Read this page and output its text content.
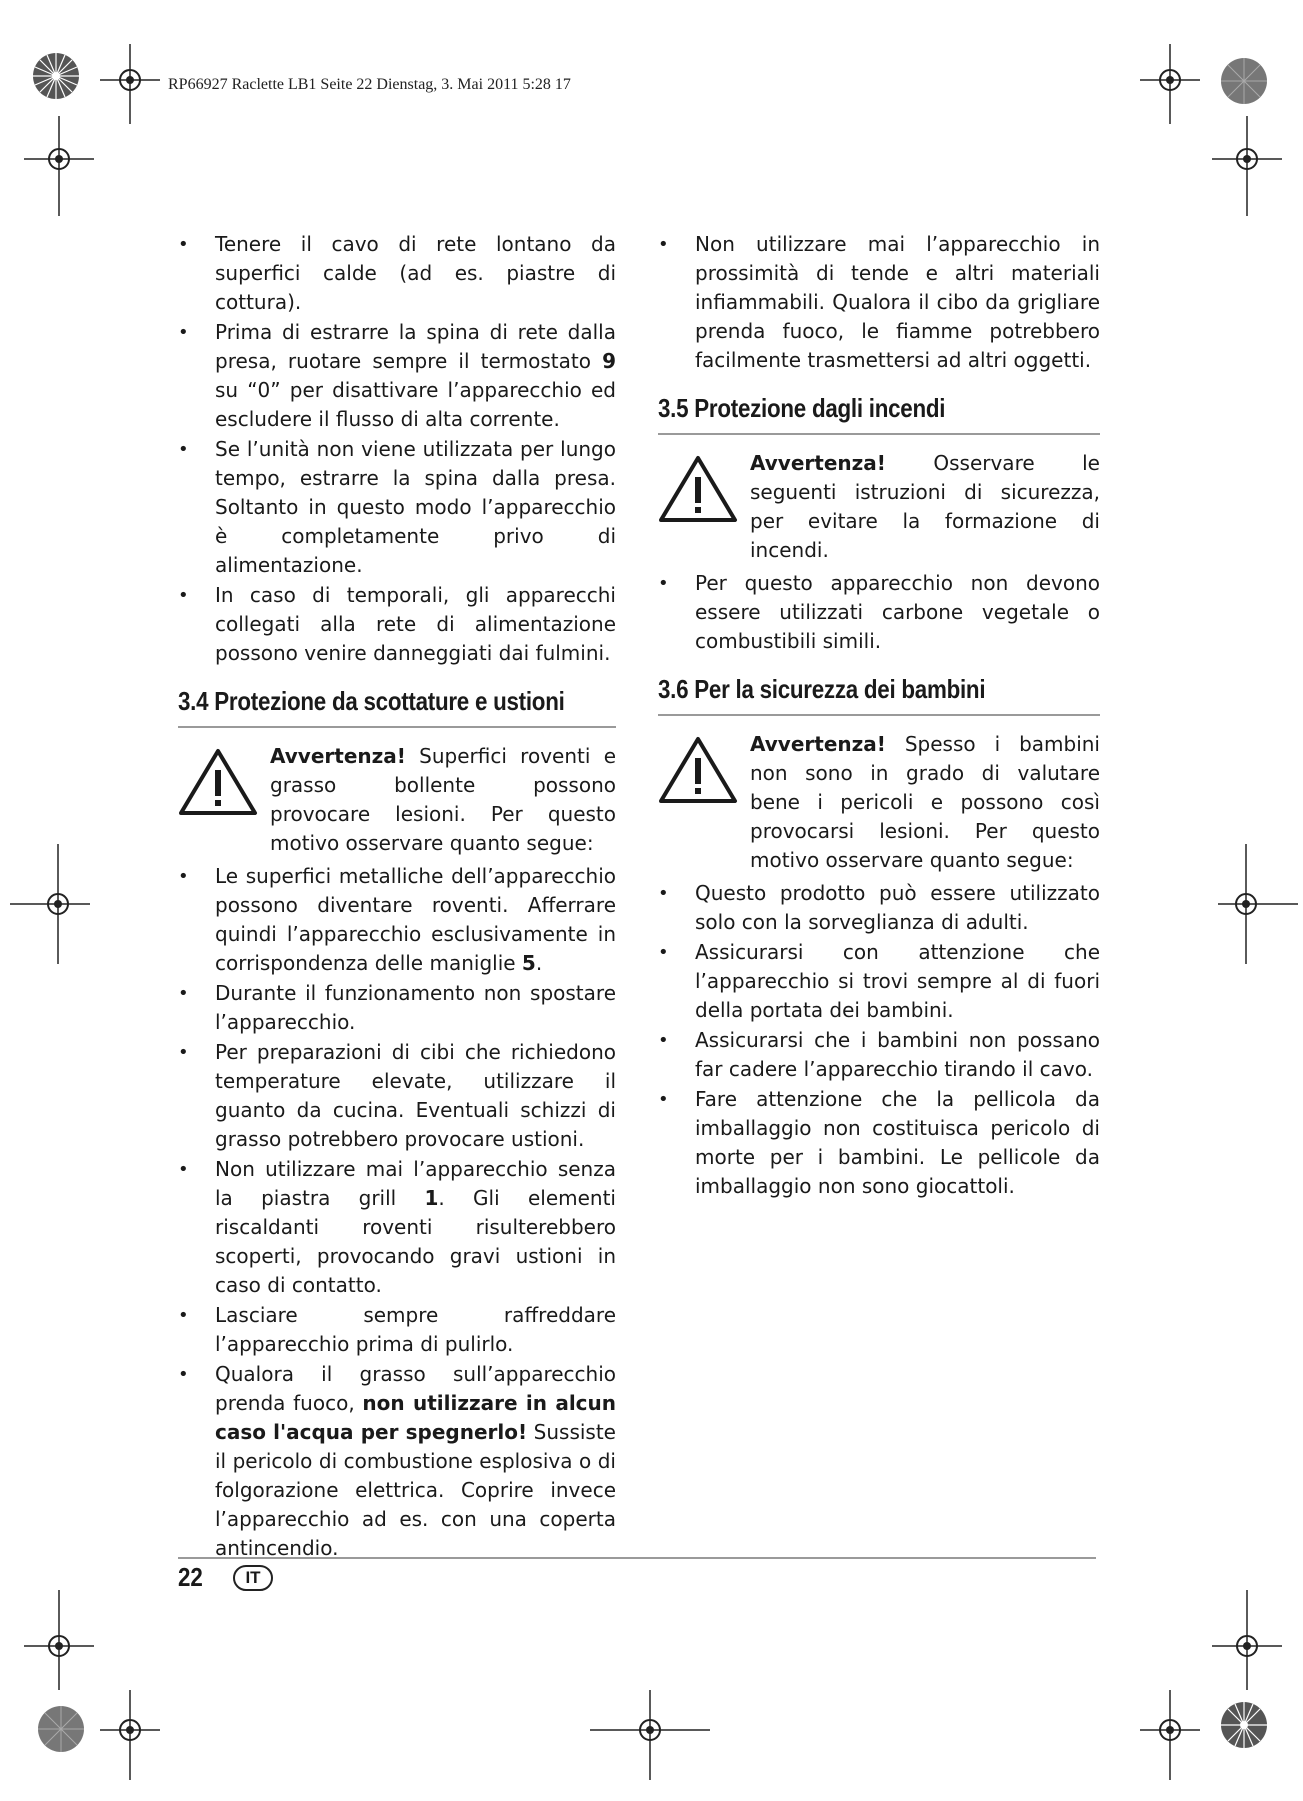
RP66927 Raclette LB1 Seite 22 Dienstag, 3. Mai 2011 5:28 17
• Tenere il cavo di rete lontano da superfici calde (ad es. piastre di cottura).
• Prima di estrarre la spina di rete dalla presa, ruotare sempre il termostato 9 su “0” per disattivare l’apparecchio ed escludere il flusso di alta corrente.
• Se l’unità non viene utilizzata per lungo tempo, estrarre la spina dalla presa. Soltanto in questo modo l’apparecchio è completamente privo di alimentazione.
• In caso di temporali, gli apparecchi collegati alla rete di alimentazione possono venire danneggiati dai fulmini.
3.4 Protezione da scottature e ustioni
Avvertenza! Superfici roventi e grasso bollente possono provocare lesioni. Per questo motivo osservare quanto segue:
• Le superfici metalliche dell’apparecchio possono diventare roventi. Afferrare quindi l’apparecchio esclusivamente in corrispondenza delle maniglie 5.
• Durante il funzionamento non spostare l’apparecchio.
• Per preparazioni di cibi che richiedono temperature elevate, utilizzare il guanto da cucina. Eventuali schizzi di grasso potrebbero provocare ustioni.
• Non utilizzare mai l’apparecchio senza la piastra grill 1. Gli elementi riscaldanti roventi risulterebbero scoperti, provocando gravi ustioni in caso di contatto.
• Lasciare sempre raffreddare l’apparecchio prima di pulirlo.
• Qualora il grasso sull’apparecchio prenda fuoco, non utilizzare in alcun caso l'acqua per spegnerlo! Sussiste il pericolo di combustione esplosiva o di folgorazione elettrica. Coprire invece l’apparecchio ad es. con una coperta antincendio.
• Non utilizzare mai l’apparecchio in prossimità di tende e altri materiali infiammabili. Qualora il cibo da grigliare prenda fuoco, le fiamme potrebbero facilmente trasmettersi ad altri oggetti.
3.5 Protezione dagli incendi
Avvertenza! Osservare le seguenti istruzioni di sicurezza, per evitare la formazione di incendi.
• Per questo apparecchio non devono essere utilizzati carbone vegetale o combustibili simili.
3.6 Per la sicurezza dei bambini
Avvertenza! Spesso i bambini non sono in grado di valutare bene i pericoli e possono così provocarsi lesioni. Per questo motivo osservare quanto segue:
• Questo prodotto può essere utilizzato solo con la sorveglianza di adulti.
• Assicurarsi con attenzione che l’apparecchio si trovi sempre al di fuori della portata dei bambini.
• Assicurarsi che i bambini non possano far cadere l’apparecchio tirando il cavo.
• Fare attenzione che la pellicola da imballaggio non costituisca pericolo di morte per i bambini. Le pellicole da imballaggio non sono giocattoli.
22	IT
